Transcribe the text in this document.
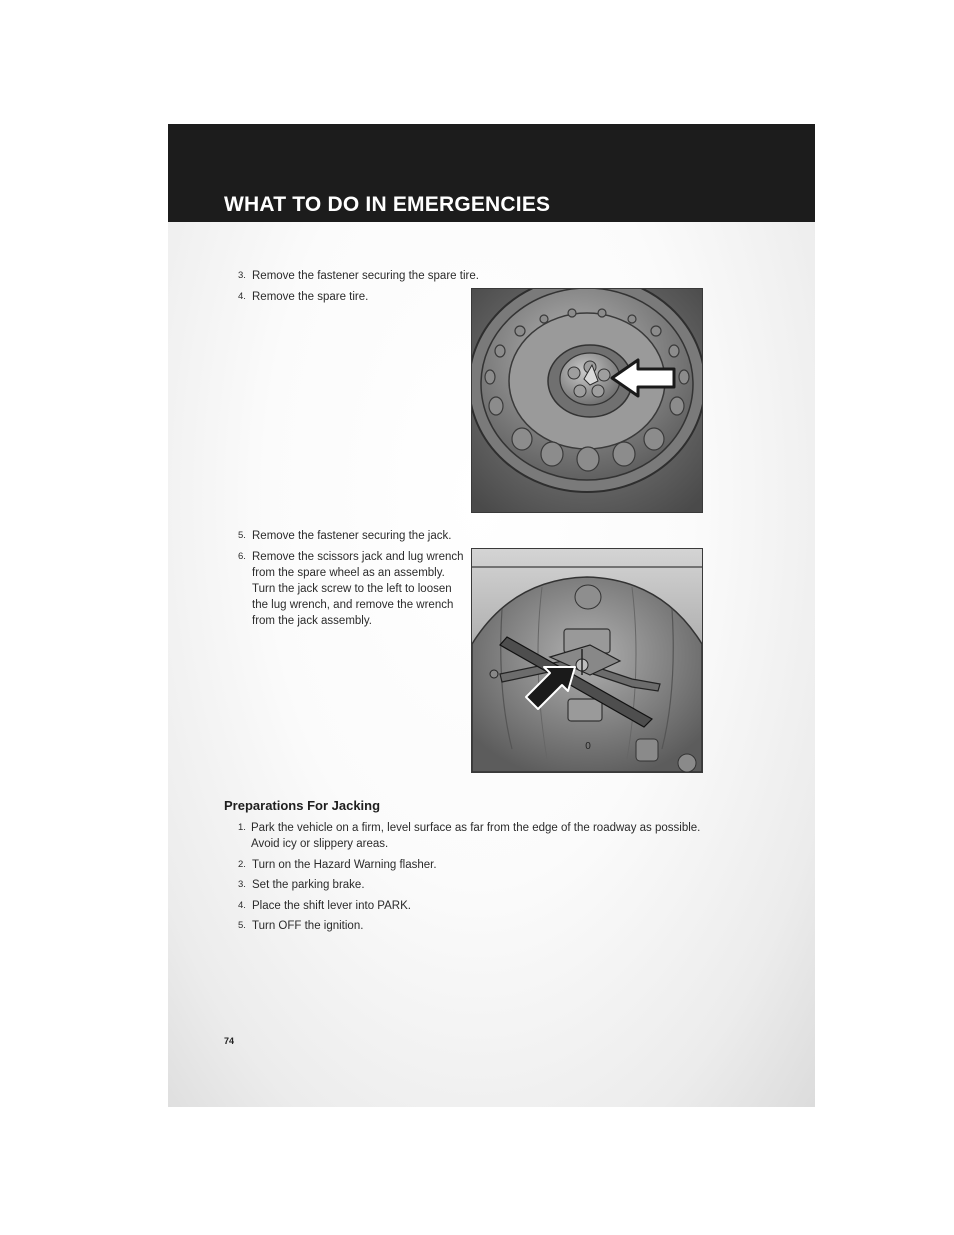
WHAT TO DO IN EMERGENCIES
3. Remove the fastener securing the spare tire.
4. Remove the spare tire.
5. Remove the fastener securing the jack.
6. Remove the scissors jack and lug wrench from the spare wheel as an assembly. Turn the jack screw to the left to loosen the lug wrench, and remove the wrench from the jack assembly.
0
Preparations For Jacking
1. Park the vehicle on a firm, level surface as far from the edge of the roadway as possible. Avoid icy or slippery areas.
2. Turn on the Hazard Warning flasher.
3. Set the parking brake.
4. Place the shift lever into PARK.
5. Turn OFF the ignition.
74
